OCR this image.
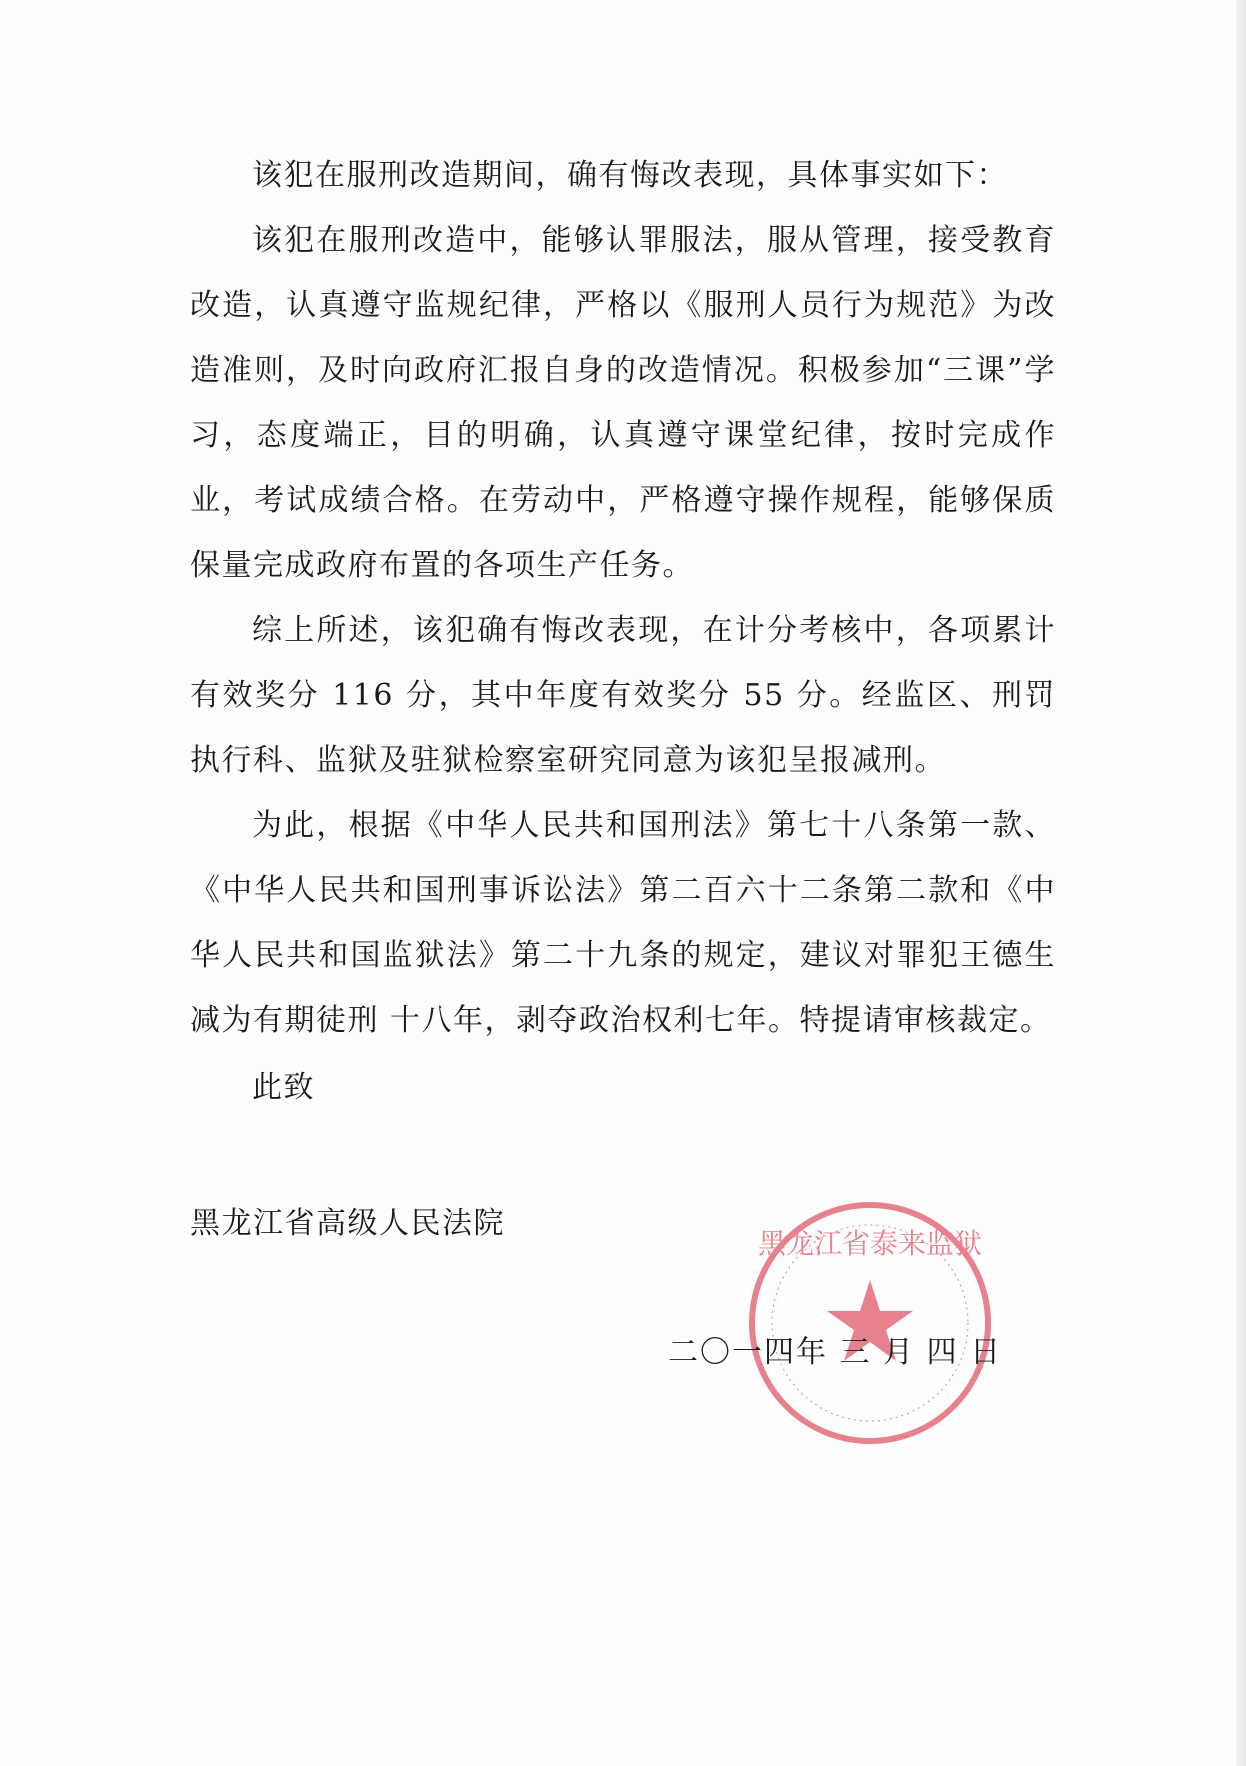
该犯在服刑改造期间，确有悔改表现，具体事实如下：

该犯在服刑改造中，能够认罪服法，服从管理，接受教育改造，认真遵守监规纪律，严格以《服刑人员行为规范》为改造准则，及时向政府汇报自身的改造情况。积极参加“三课”学习，态度端正，目的明确，认真遵守课堂纪律，按时完成作业，考试成绩合格。在劳动中，严格遵守操作规程，能够保质保量完成政府布置的各项生产任务。

综上所述，该犯确有悔改表现，在计分考核中，各项累计有效奖分 116 分，其中年度有效奖分 55 分。经监区、刑罚执行科、监狱及驻狱检察室研究同意为该犯呈报减刑。

为此，根据《中华人民共和国刑法》第七十八条第一款、《中华人民共和国刑事诉讼法》第二百六十二条第二款和《中华人民共和国监狱法》第二十九条的规定，建议对罪犯王德生减为有期徒刑 十八年，剥夺政治权利七年。特提请审核裁定。

此致
黑龙江省高级人民法院
黑龙江省泰来监狱
二〇一四年 三 月 四 日
